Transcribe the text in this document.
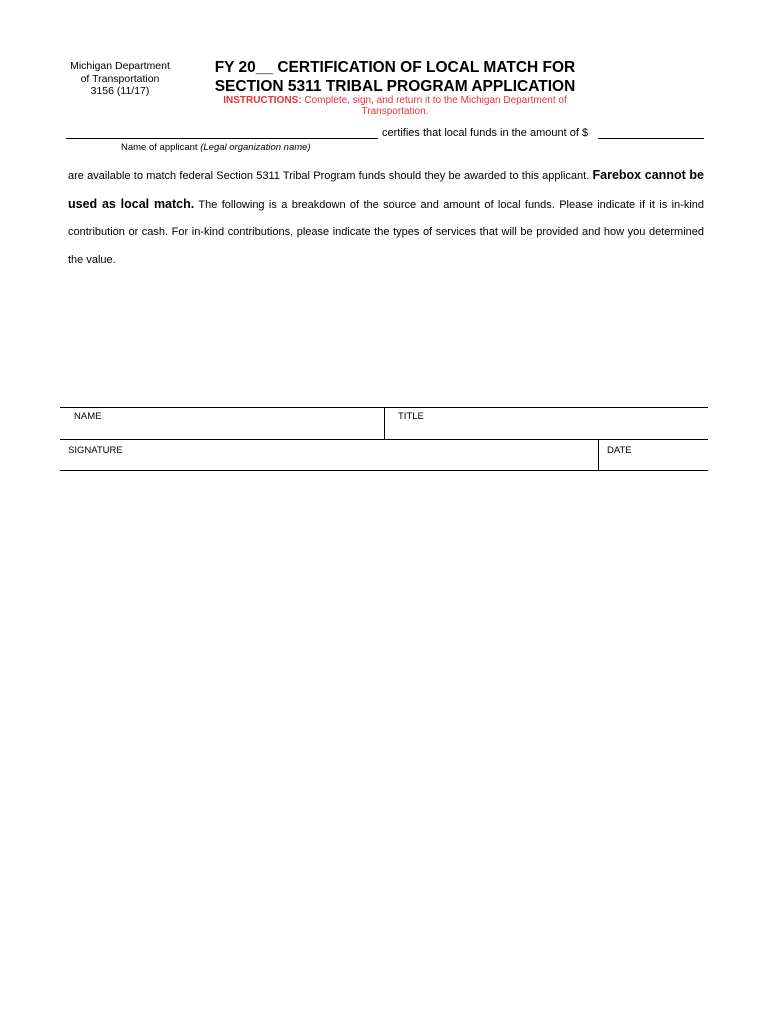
Michigan Department
of Transportation
3156 (11/17)
FY 20__ CERTIFICATION OF LOCAL MATCH FOR
SECTION 5311 TRIBAL PROGRAM APPLICATION
INSTRUCTIONS: Complete, sign, and return it to the Michigan Department of Transportation.
certifies that local funds in the amount of $
Name of applicant (Legal organization name)
are available to match federal Section 5311 Tribal Program funds should they be awarded to this applicant. Farebox cannot be used as local match. The following is a breakdown of the source and amount of local funds. Please indicate if it is in-kind contribution or cash. For in-kind contributions, please indicate the types of services that will be provided and how you determined the value.
NAME	TITLE
SIGNATURE	DATE
